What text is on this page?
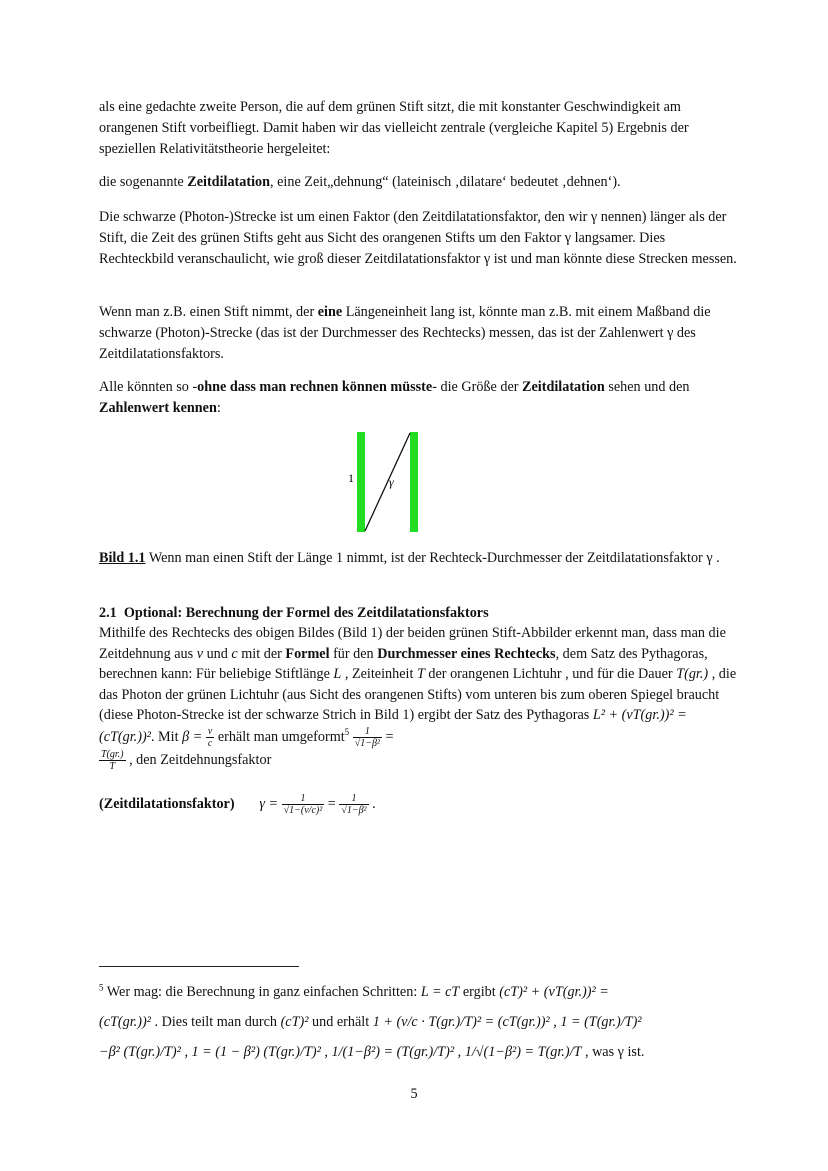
als eine gedachte zweite Person, die auf dem grünen Stift sitzt, die mit konstanter Geschwindigkeit am orangenen Stift vorbeifliegt. Damit haben wir das vielleicht zentrale (vergleiche Kapitel 5) Ergebnis der speziellen Relativitätstheorie hergeleitet:

die sogenannte Zeitdilatation, eine Zeit„dehnung“ (lateinisch ‚dilatare‘ bedeutet ‚dehnen‘).

Die schwarze (Photon-)Strecke ist um einen Faktor (den Zeitdilatationsfaktor, den wir γ nennen) länger als der Stift, die Zeit des grünen Stifts geht aus Sicht des orangenen Stifts um den Faktor γ langsamer. Dies Rechteckbild veranschaulicht, wie groß dieser Zeitdilatationsfaktor γ ist und man könnte diese Strecken messen.

Wenn man z.B. einen Stift nimmt, der eine Längeneinheit lang ist, könnte man z.B. mit einem Maßband die schwarze (Photon)-Strecke (das ist der Durchmesser des Rechtecks) messen, das ist der Zahlenwert γ des Zeitdilatationsfaktors.

Alle könnten so -ohne dass man rechnen können müsste- die Größe der Zeitdilatation sehen und den Zahlenwert kennen:

1	γ

Bild 1.1 Wenn man einen Stift der Länge 1 nimmt, ist der Rechteck-Durchmesser der Zeitdilatationsfaktor γ .

2.1 Optional: Berechnung der Formel des Zeitdilatationsfaktors

Mithilfe des Rechtecks des obigen Bildes (Bild 1) der beiden grünen Stift-Abbilder erkennt man, dass man die Zeitdehnung aus v und c mit der Formel für den Durchmesser eines Rechtecks, dem Satz des Pythagoras, berechnen kann: Für beliebige Stiftlänge L , Zeiteinheit T der orangenen Lichtuhr , und für die Dauer T(gr.) , die das Photon der grünen Lichtuhr (aus Sicht des orangenen Stifts) vom unteren bis zum oberen Spiegel braucht (diese Photon-Strecke ist der schwarze Strich in Bild 1) ergibt der Satz des Pythagoras L² + (vT(gr.))² = (cT(gr.))². Mit $\beta = \frac{v}{c}$ erhält man umgeformt$^5$ $\frac{1}{\text{√1−β²}}$ =

$\frac{T(gr.)}{T}$ , den Zeitdehnungsfaktor

(Zeitdilatationsfaktor) $\gamma = \frac{1}{\text{√1−(v/c)²}} = \frac{1}{\text{√1−β²}}$ .

$^5$ Wer mag: die Berechnung in ganz einfachen Schritten: L = cT ergibt (cT)² + (vT(gr.))² =
(cT(gr.))² . Dies teilt man durch (cT)² und erhält 1 + (v/c · T(gr.)/T)² = (cT(gr.))² , 1 = (T(gr.)/T)²
−β² (T(gr.)/T)² , 1 = (1 − β²) (T(gr.)/T)² , 1/(1−β²) = (T(gr.)/T)² , 1/√(1−β²) = T(gr.)/T , was γ ist.

5
